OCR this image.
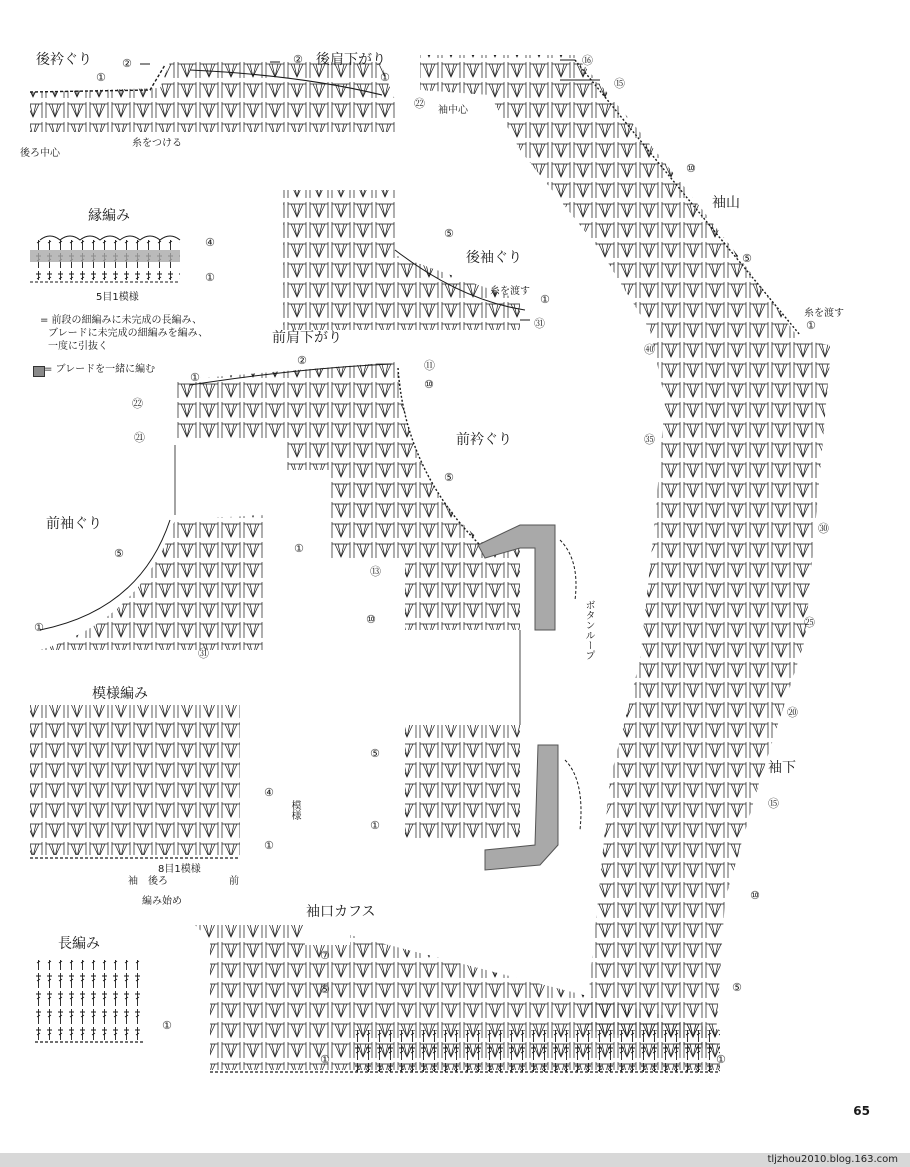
後衿ぐり	後肩下がり
後ろ中心
糸をつける
袖中心
袖山
後袖ぐり
糸を渡す
糸を渡す
縁編み
5目1模様
= 前段の細編みに未完成の長編み、
ブレードに未完成の細編みを編み、
一度に引抜く
= ブレードを一緒に編む
前肩下がり
前衿ぐり
前袖ぐり
ボタンループ
模様編み
模様
8目1模様
袖 後ろ	前
編み始め
長編み
袖口カフス
袖下
①
②	②
①
㉒
⑯
⑮
⑩
⑤
①
㊵
㉟
㉚
㉕
⑳
⑮
⑩
⑤
①
④
①
⑤
①
㉛
②	⑪
⑩
①
㉒
㉑
⑤
①
⑬
⑩
⑤
①
㉛
⑤
①
④
①
①
⑦
⑤
①
65
tljzhou2010.blog.163.com
